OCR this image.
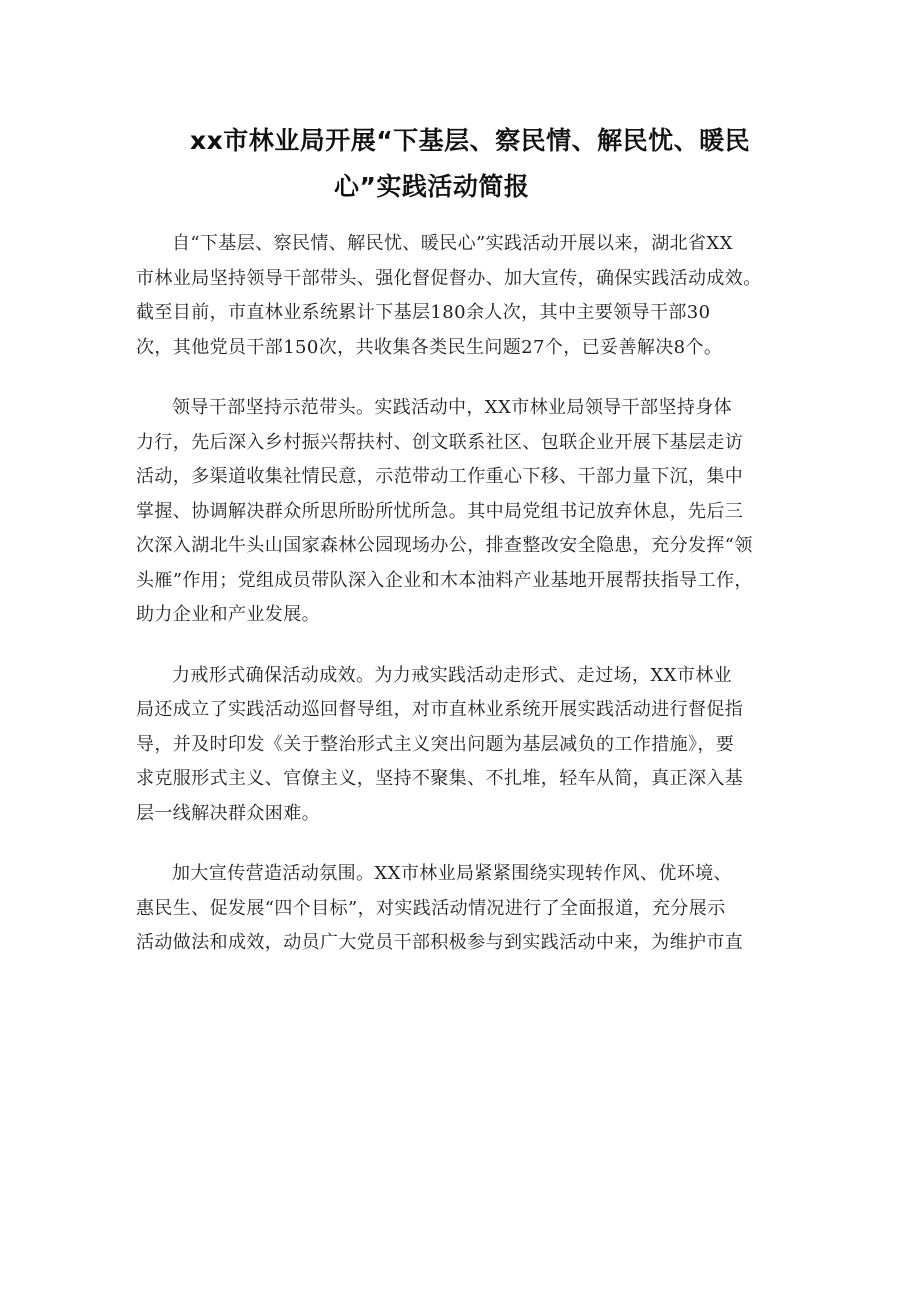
xx市林业局开展“下基层、察民情、解民忧、暖民
心”实践活动简报

自“下基层、察民情、解民忧、暖民心”实践活动开展以来，湖北省XX
市林业局坚持领导干部带头、强化督促督办、加大宣传，确保实践活动成效。
截至目前，市直林业系统累计下基层180余人次，其中主要领导干部30
次，其他党员干部150次，共收集各类民生问题27个，已妥善解决8个。

领导干部坚持示范带头。实践活动中，XX市林业局领导干部坚持身体
力行，先后深入乡村振兴帮扶村、创文联系社区、包联企业开展下基层走访
活动，多渠道收集社情民意，示范带动工作重心下移、干部力量下沉，集中
掌握、协调解决群众所思所盼所忧所急。其中局党组书记放弃休息，先后三
次深入湖北牛头山国家森林公园现场办公，排查整改安全隐患，充分发挥“领
头雁”作用；党组成员带队深入企业和木本油料产业基地开展帮扶指导工作，
助力企业和产业发展。

力戒形式确保活动成效。为力戒实践活动走形式、走过场，XX市林业
局还成立了实践活动巡回督导组，对市直林业系统开展实践活动进行督促指
导，并及时印发《关于整治形式主义突出问题为基层减负的工作措施》，要
求克服形式主义、官僚主义，坚持不聚集、不扎堆，轻车从简，真正深入基
层一线解决群众困难。

加大宣传营造活动氛围。XX市林业局紧紧围绕实现转作风、优环境、
惠民生、促发展“四个目标”，对实践活动情况进行了全面报道，充分展示
活动做法和成效，动员广大党员干部积极参与到实践活动中来，为维护市直
